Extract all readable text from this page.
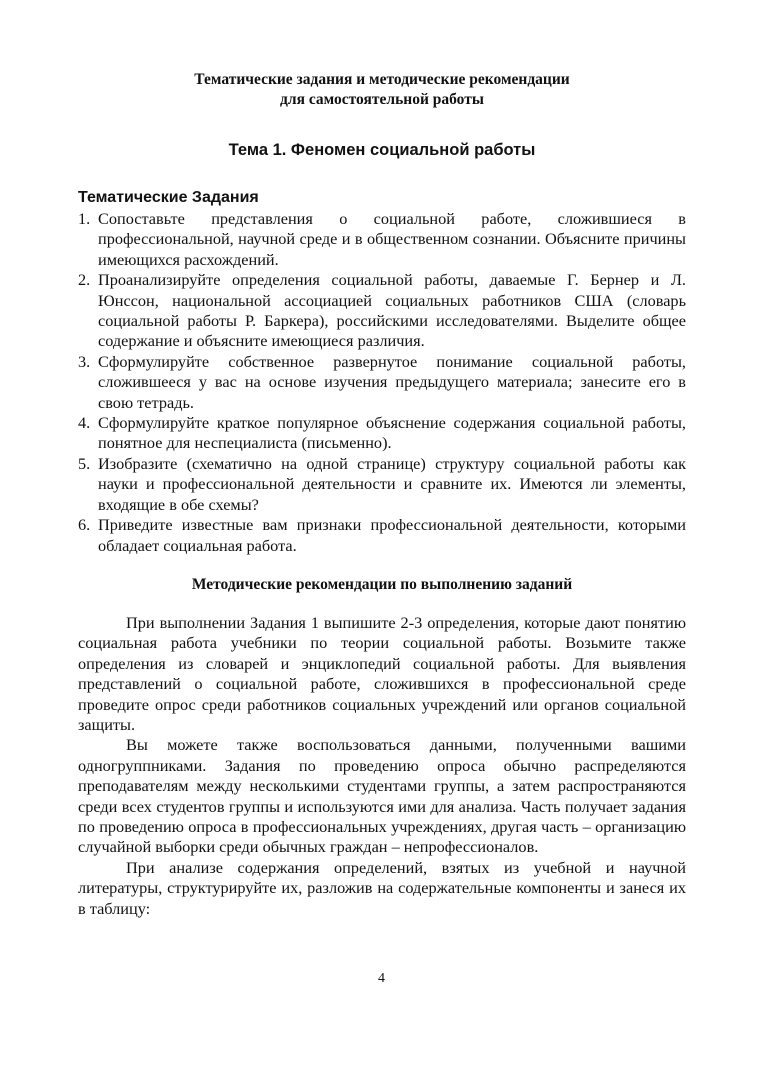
Тематические задания и методические рекомендации
для самостоятельной работы
Тема 1. Феномен социальной работы
Тематические Задания
1. Сопоставьте представления о социальной работе, сложившиеся в профессиональной, научной среде и в общественном сознании. Объясните причины имеющихся расхождений.
2. Проанализируйте определения социальной работы, даваемые Г. Бернер и Л. Юнссон, национальной ассоциацией социальных работников США (словарь социальной работы Р. Баркера), российскими исследователями. Выделите общее содержание и объясните имеющиеся различия.
3. Сформулируйте собственное развернутое понимание социальной работы, сложившееся у вас на основе изучения предыдущего материала; занесите его в свою тетрадь.
4. Сформулируйте краткое популярное объяснение содержания социальной работы, понятное для неспециалиста (письменно).
5. Изобразите (схематично на одной странице) структуру социальной работы как науки и профессиональной деятельности и сравните их. Имеются ли элементы, входящие в обе схемы?
6. Приведите известные вам признаки профессиональной деятельности, которыми обладает социальная работа.
Методические рекомендации по выполнению заданий

При выполнении Задания 1 выпишите 2-3 определения, которые дают понятию социальная работа учебники по теории социальной работы. Возьмите также определения из словарей и энциклопедий социальной работы. Для выявления представлений о социальной работе, сложившихся в профессиональной среде проведите опрос среди работников социальных учреждений или органов социальной защиты.

Вы можете также воспользоваться данными, полученными вашими одногруппниками. Задания по проведению опроса обычно распределяются преподавателям между несколькими студентами группы, а затем распространяются среди всех студентов группы и используются ими для анализа. Часть получает задания по проведению опроса в профессиональных учреждениях, другая часть – организацию случайной выборки среди обычных граждан – непрофессионалов.

При анализе содержания определений, взятых из учебной и научной литературы, структурируйте их, разложив на содержательные компоненты и занеся их в таблицу:

4
